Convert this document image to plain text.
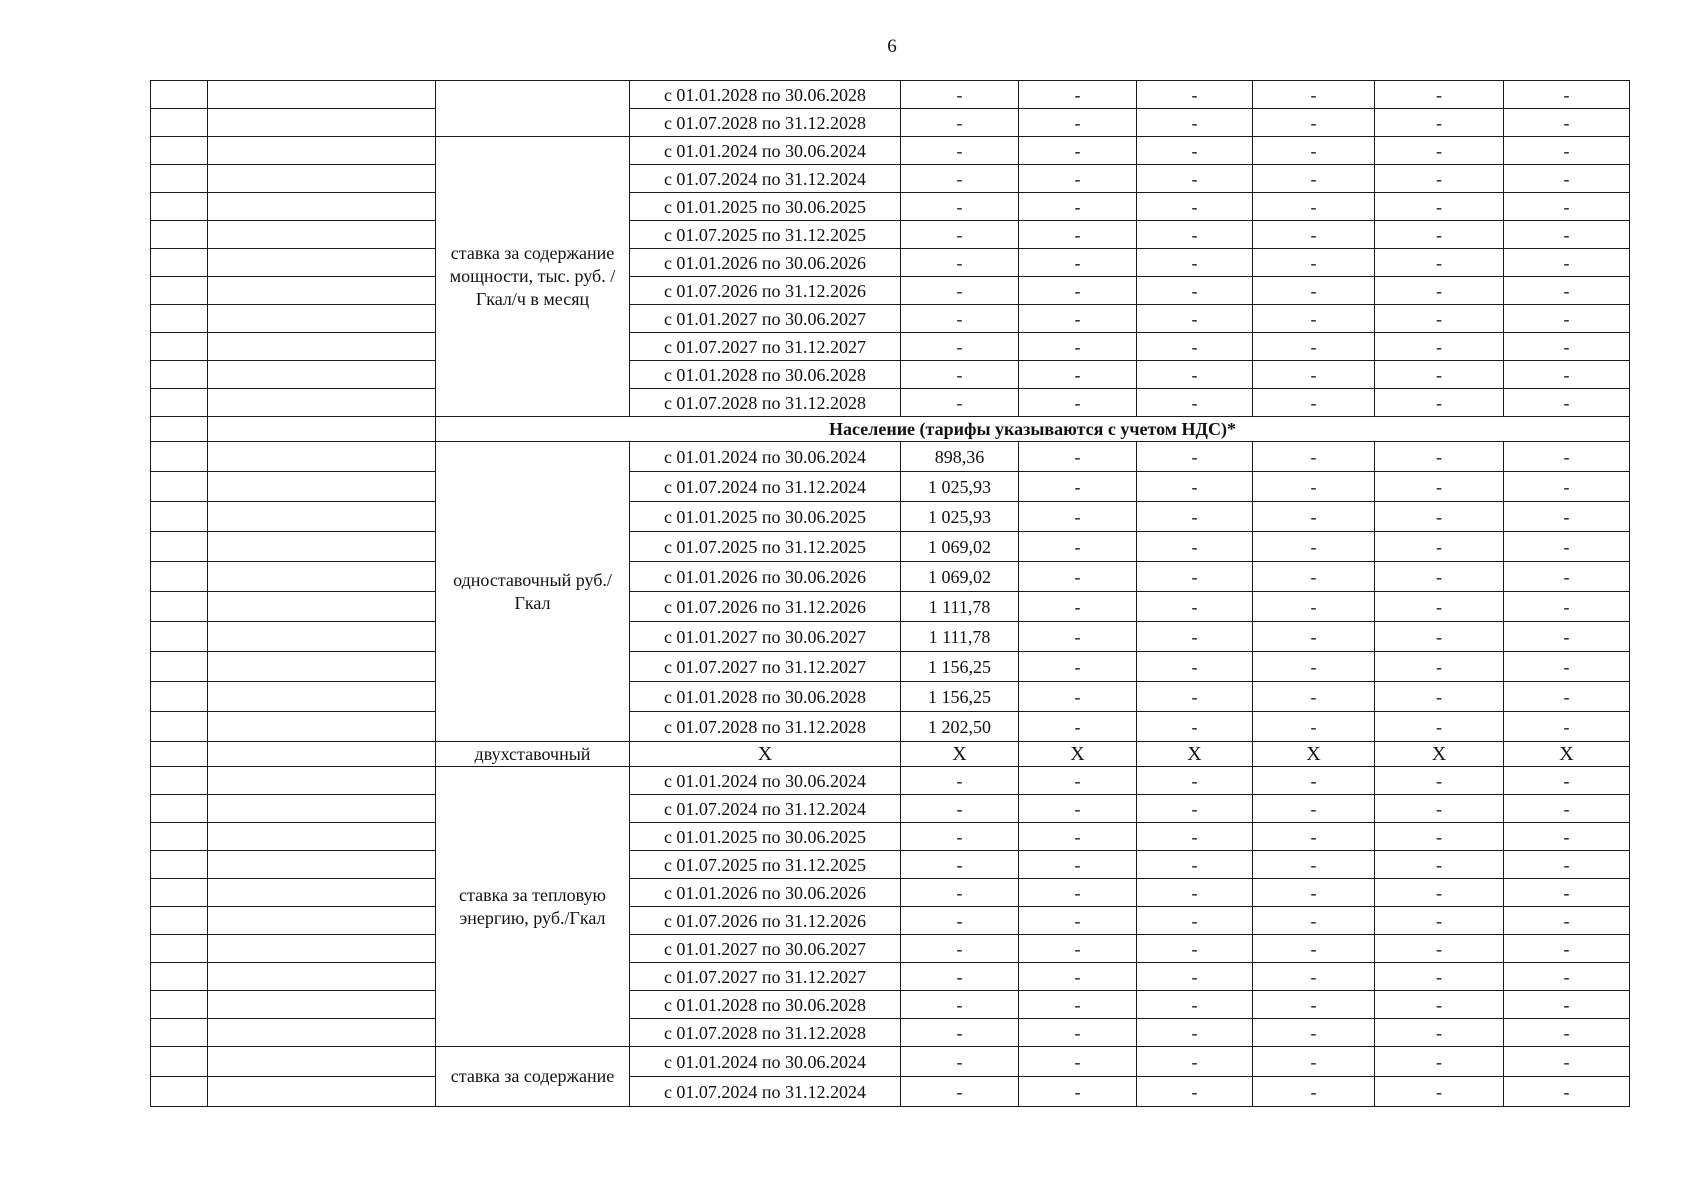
6
			с 01.01.2028 по 30.06.2028	-	-	-	-	-	-
			с 01.07.2028 по 31.12.2028	-	-	-	-	-	-
		ставка за содержание мощности, тыс. руб. /Гкал/ч в месяц	с 01.01.2024 по 30.06.2024	-	-	-	-	-	-
			с 01.07.2024 по 31.12.2024	-	-	-	-	-	-
			с 01.01.2025 по 30.06.2025	-	-	-	-	-	-
			с 01.07.2025 по 31.12.2025	-	-	-	-	-	-
			с 01.01.2026 по 30.06.2026	-	-	-	-	-	-
			с 01.07.2026 по 31.12.2026	-	-	-	-	-	-
			с 01.01.2027 по 30.06.2027	-	-	-	-	-	-
			с 01.07.2027 по 31.12.2027	-	-	-	-	-	-
			с 01.01.2028 по 30.06.2028	-	-	-	-	-	-
			с 01.07.2028 по 31.12.2028	-	-	-	-	-	-
		Население (тарифы указываются с учетом НДС)*							
		одноставочный руб./Гкал	с 01.01.2024 по 30.06.2024	898,36	-	-	-	-	-
			с 01.07.2024 по 31.12.2024	1 025,93	-	-	-	-	-
			с 01.01.2025 по 30.06.2025	1 025,93	-	-	-	-	-
			с 01.07.2025 по 31.12.2025	1 069,02	-	-	-	-	-
			с 01.01.2026 по 30.06.2026	1 069,02	-	-	-	-	-
			с 01.07.2026 по 31.12.2026	1 111,78	-	-	-	-	-
			с 01.01.2027 по 30.06.2027	1 111,78	-	-	-	-	-
			с 01.07.2027 по 31.12.2027	1 156,25	-	-	-	-	-
			с 01.01.2028 по 30.06.2028	1 156,25	-	-	-	-	-
			с 01.07.2028 по 31.12.2028	1 202,50	-	-	-	-	-
		двухставочный	Х	Х	Х	Х	Х	Х	Х
		ставка за тепловую энергию, руб./Гкал	с 01.01.2024 по 30.06.2024	-	-	-	-	-	-
			с 01.07.2024 по 31.12.2024	-	-	-	-	-	-
			с 01.01.2025 по 30.06.2025	-	-	-	-	-	-
			с 01.07.2025 по 31.12.2025	-	-	-	-	-	-
			с 01.01.2026 по 30.06.2026	-	-	-	-	-	-
			с 01.07.2026 по 31.12.2026	-	-	-	-	-	-
			с 01.01.2027 по 30.06.2027	-	-	-	-	-	-
			с 01.07.2027 по 31.12.2027	-	-	-	-	-	-
			с 01.01.2028 по 30.06.2028	-	-	-	-	-	-
			с 01.07.2028 по 31.12.2028	-	-	-	-	-	-
		ставка за содержание	с 01.01.2024 по 30.06.2024	-	-	-	-	-	-
			с 01.07.2024 по 31.12.2024	-	-	-	-	-	-
